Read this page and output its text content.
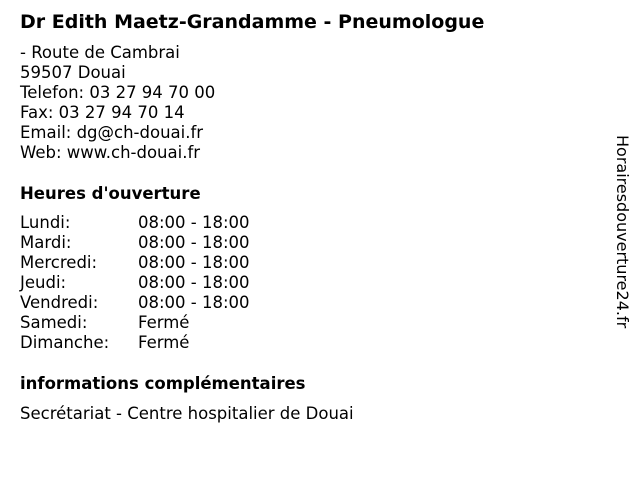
Dr Edith Maetz-Grandamme - Pneumologue
- Route de Cambrai
59507 Douai
Telefon: 03 27 94 70 00
Fax: 03 27 94 70 14
Email: dg@ch-douai.fr
Web: www.ch-douai.fr
Heures d'ouverture
Lundi:	08:00 - 18:00
Mardi:	08:00 - 18:00
Mercredi: 08:00 - 18:00
Jeudi:	08:00 - 18:00
Vendredi: 08:00 - 18:00
Samedi:	Fermé
Dimanche: Fermé
informations complémentaires
Secrétariat - Centre hospitalier de Douai
Horairesdouverture24.fr
